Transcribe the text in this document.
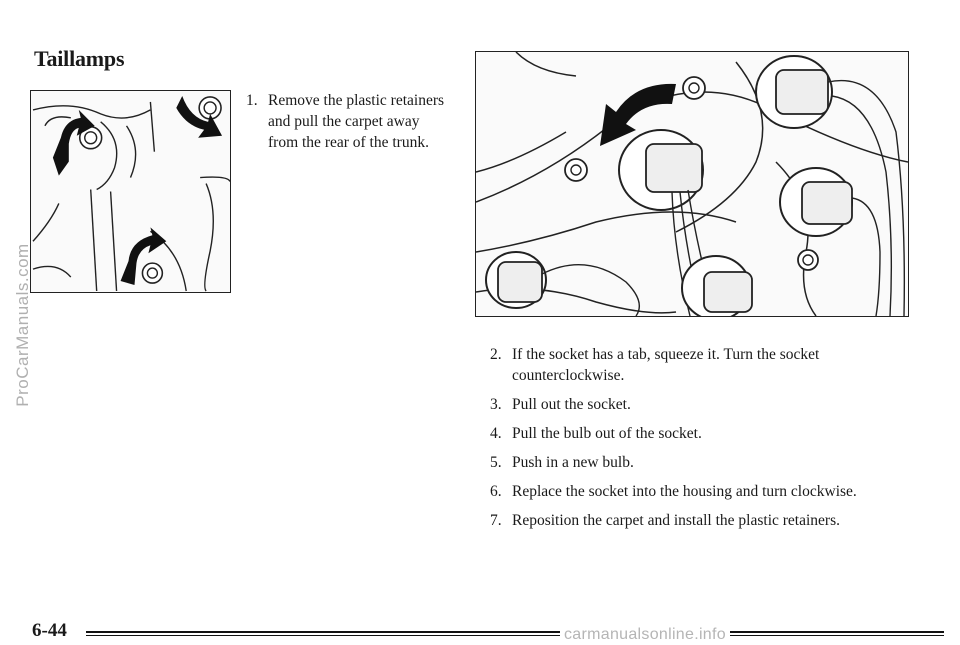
Taillamps
1. Remove the plastic retainers and pull the carpet away from the rear of the trunk.
2. If the socket has a tab, squeeze it. Turn the socket counterclockwise.
3. Pull out the socket.
4. Pull the bulb out of the socket.
5. Push in a new bulb.
6. Replace the socket into the housing and turn clockwise.
7. Reposition the carpet and install the plastic retainers.
ProCarManuals.com
6-44	carmanualsonline.info
